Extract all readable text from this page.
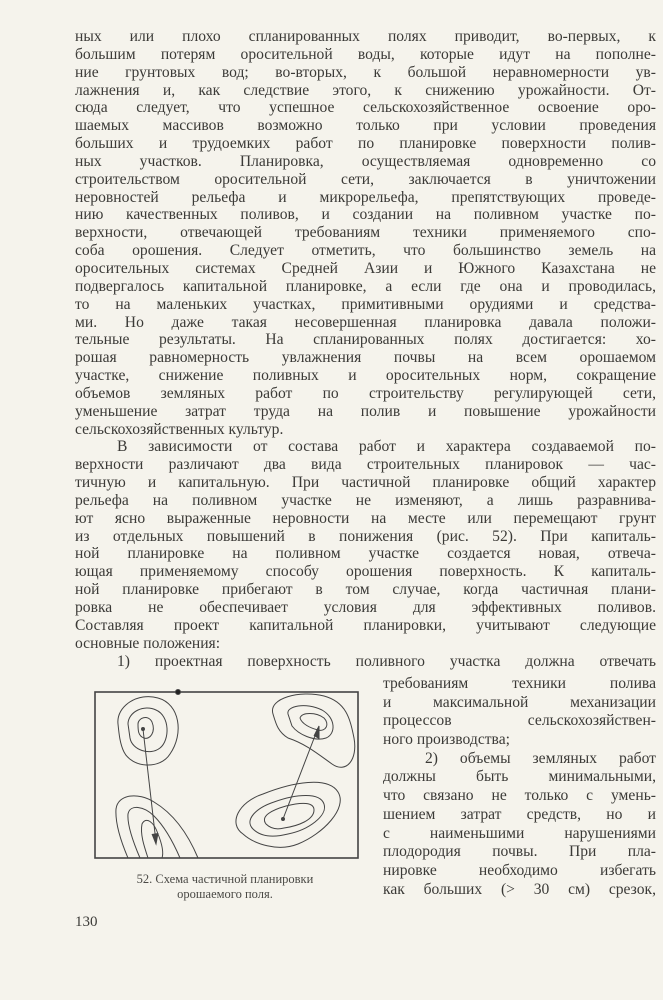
ных или плохо спланированных полях приводит, во-первых, к
большим потерям оросительной воды, которые идут на пополне-
ние грунтовых вод; во-вторых, к большой неравномерности ув-
лажнения и, как следствие этого, к снижению урожайности. От-
сюда следует, что успешное сельскохозяйственное освоение оро-
шаемых массивов возможно только при условии проведения
больших и трудоемких работ по планировке поверхности полив-
ных участков. Планировка, осуществляемая одновременно со
строительством оросительной сети, заключается в уничтожении
неровностей рельефа и микрорельефа, препятствующих проведе-
нию качественных поливов, и создании на поливном участке по-
верхности, отвечающей требованиям техники применяемого спо-
соба орошения. Следует отметить, что большинство земель на
оросительных системах Средней Азии и Южного Казахстана не
подвергалось капитальной планировке, а если где она и проводилась,
то на маленьких участках, примитивными орудиями и средства-
ми. Но даже такая несовершенная планировка давала положи-
тельные результаты. На спланированных полях достигается: хо-
рошая равномерность увлажнения почвы на всем орошаемом
участке, снижение поливных и оросительных норм, сокращение
объемов земляных работ по строительству регулирующей сети,
уменьшение затрат труда на полив и повышение урожайности
сельскохозяйственных культур.
В зависимости от состава работ и характера создаваемой по-
верхности различают два вида строительных планировок — час-
тичную и капитальную. При частичной планировке общий характер
рельефа на поливном участке не изменяют, а лишь разравнива-
ют ясно выраженные неровности на месте или перемещают грунт
из отдельных повышений в понижения (рис. 52). При капиталь-
ной планировке на поливном участке создается новая, отвеча-
ющая применяемому способу орошения поверхность. К капиталь-
ной планировке прибегают в том случае, когда частичная плани-
ровка не обеспечивает условия для эффективных поливов.
Составляя проект капитальной планировки, учитывают следующие
основные положения:
1) проектная поверхность поливного участка должна отвечать
требованиям техники полива
и максимальной механизации
процессов сельскохозяйствен-
ного производства;
2) объемы земляных работ
должны быть минимальными,
что связано не только с умень-
шением затрат средств, но и
с наименьшими нарушениями
плодородия почвы. При пла-
нировке необходимо избегать
как больших (> 30 см) срезок,
52. Схема частичной планировки
орошаемого поля.
130
